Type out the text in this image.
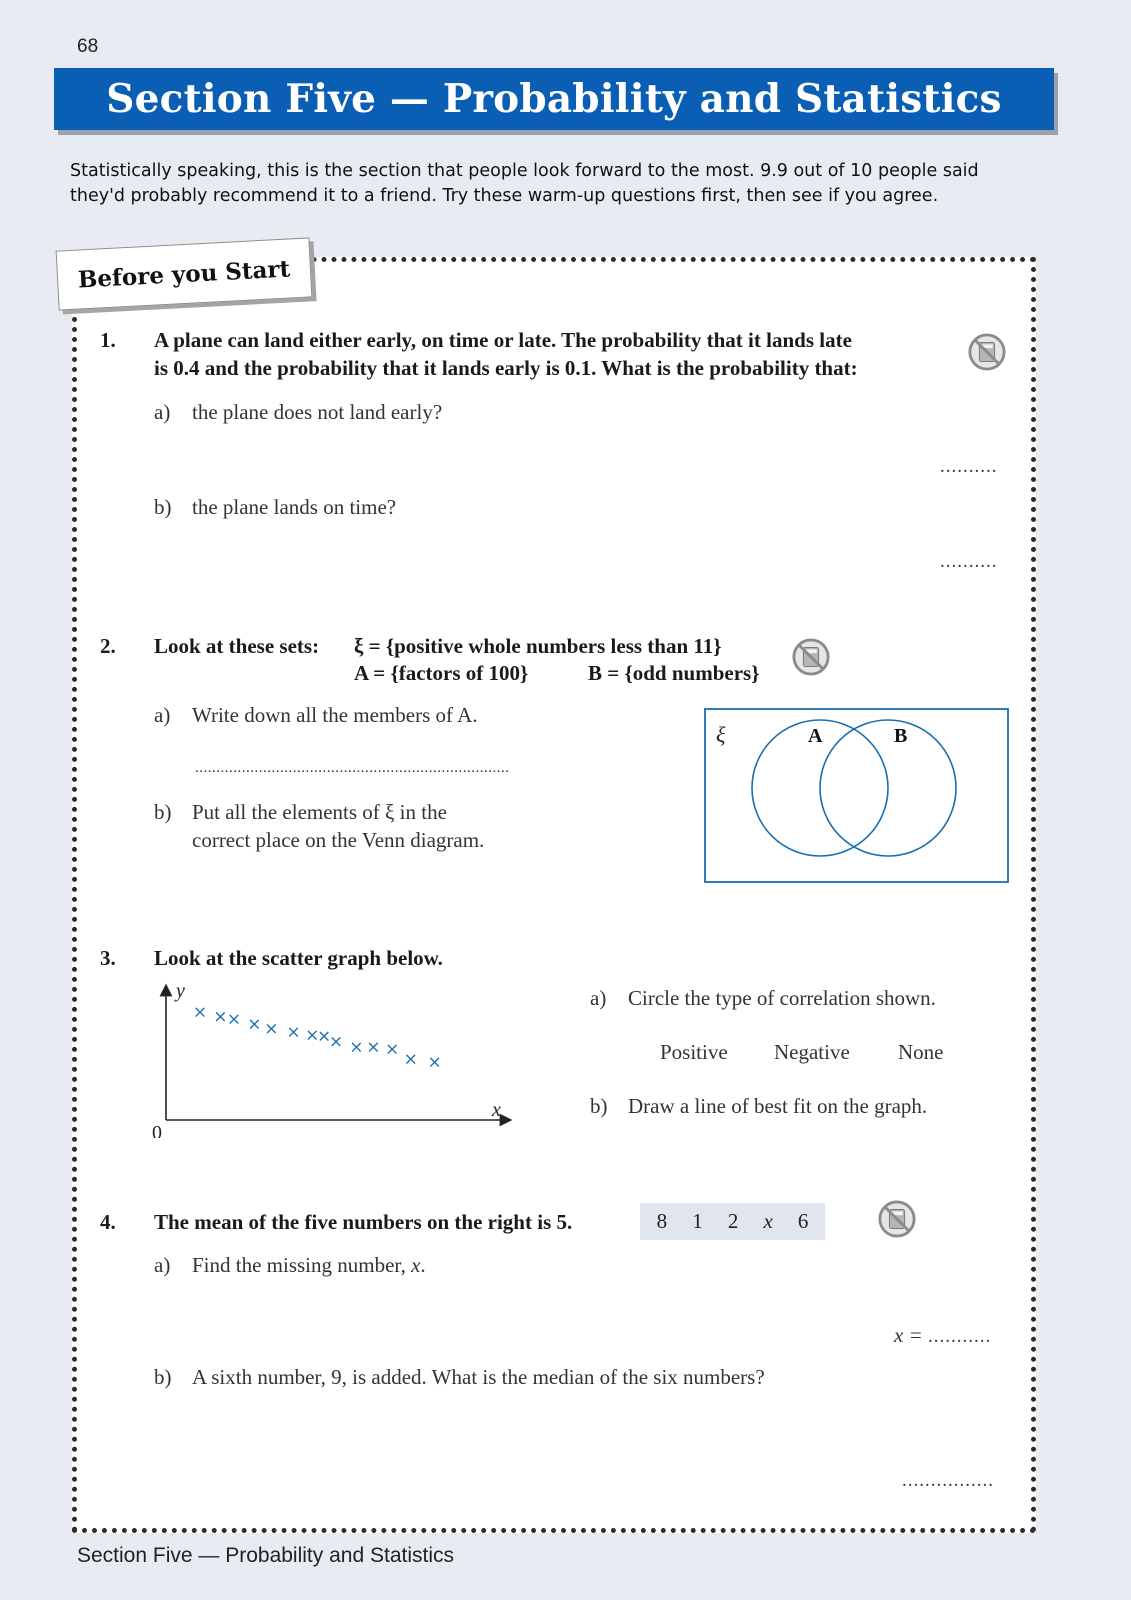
68
Section Five — Probability and Statistics
Statistically speaking, this is the section that people look forward to the most. 9.9 out of 10 people said
they'd probably recommend it to a friend. Try these warm-up questions first, then see if you agree.
Before you Start
1. A plane can land either early, on time or late. The probability that it lands late
is 0.4 and the probability that it lands early is 0.1. What is the probability that:
a) the plane does not land early?
..........
b) the plane lands on time?
..........
2. Look at these sets: ξ = {positive whole numbers less than 11}
A = {factors of 100}	B = {odd numbers}
a) Write down all the members of A.
..........................................................................
b) Put all the elements of ξ in the
correct place on the Venn diagram.
ξ	A	B
3. Look at the scatter graph below.
y
x
0
× × × × × × ×
×
× × × × × ×
a) Circle the type of correlation shown.
Positive Negative None
b) Draw a line of best fit on the graph.
4. The mean of the five numbers on the right is 5.	8 1 2 x 6
a) Find the missing number, x.
x = ...........
b) A sixth number, 9, is added. What is the median of the six numbers?
................
Section Five — Probability and Statistics
